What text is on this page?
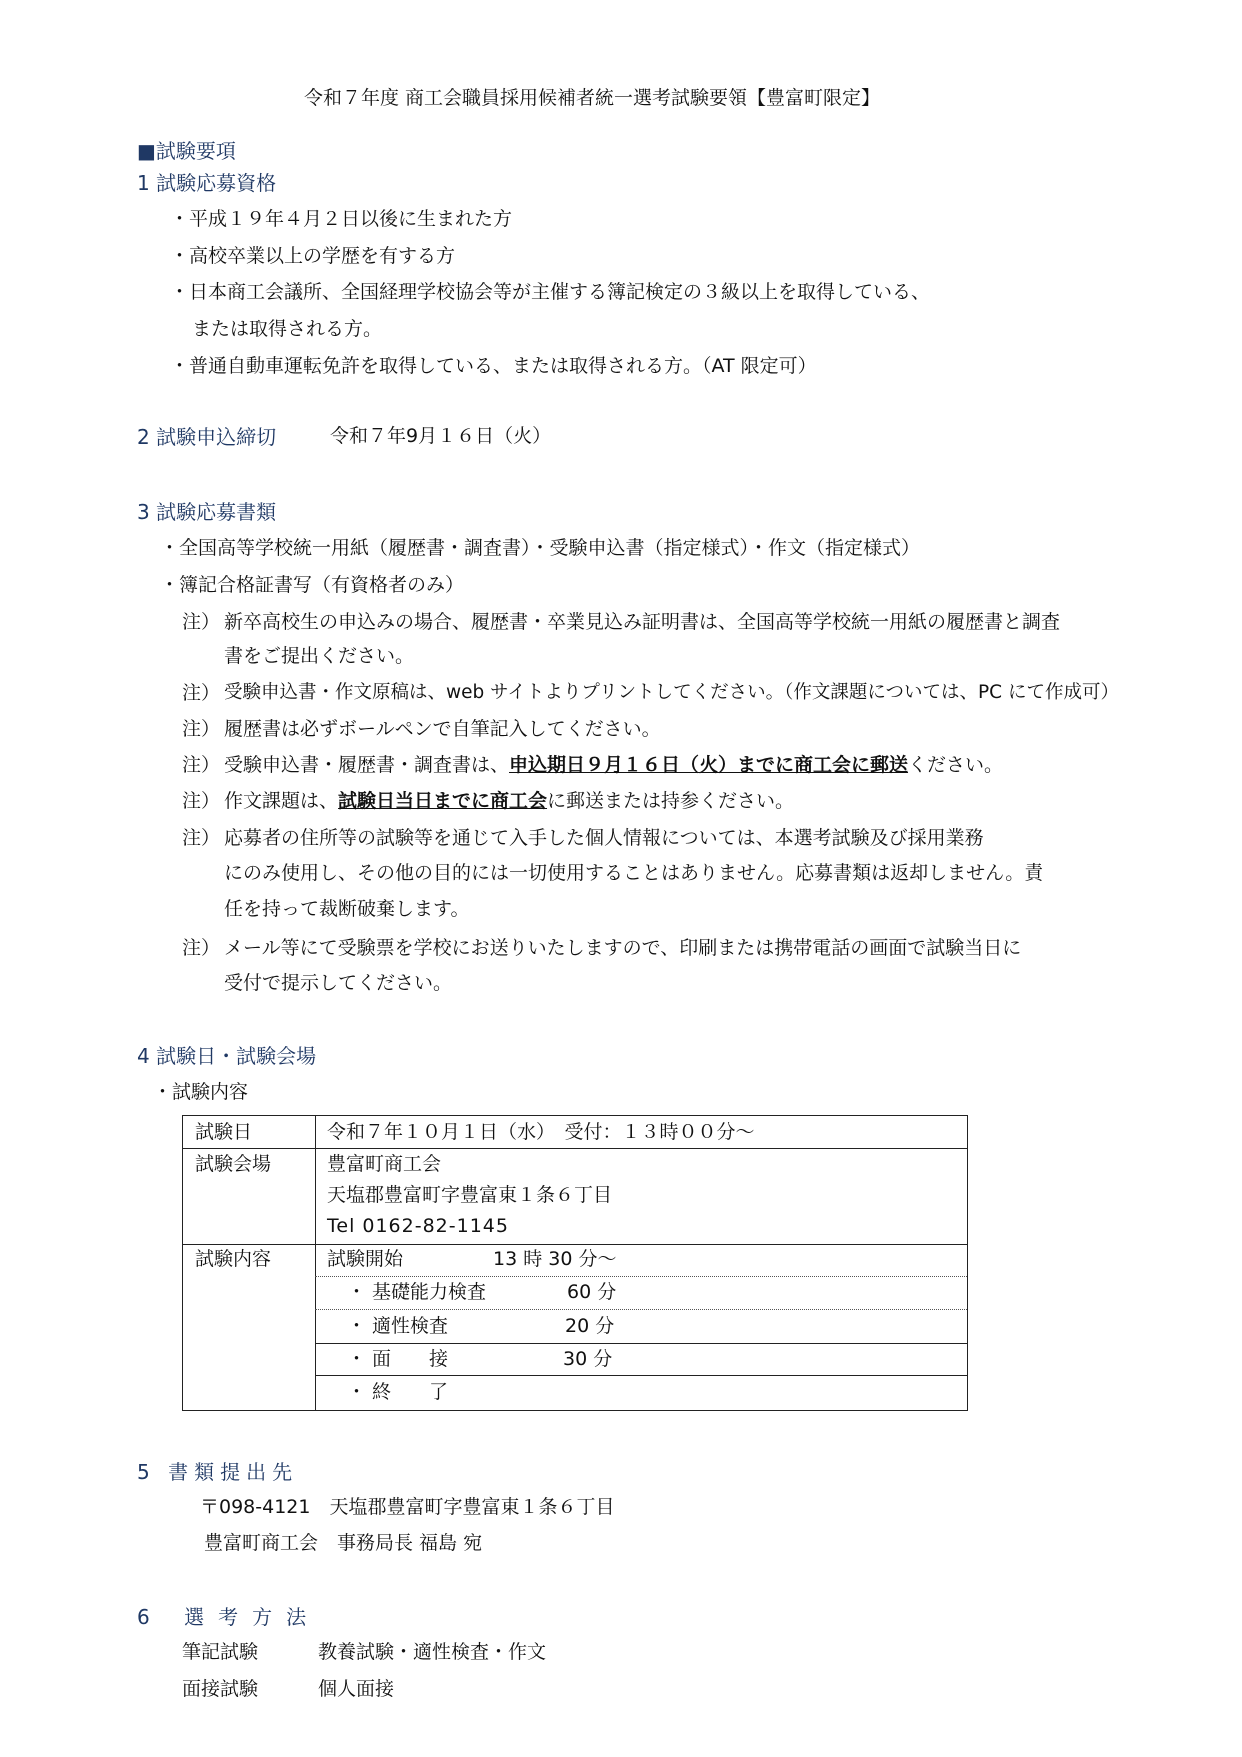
令和７年度 商工会職員採用候補者統一選考試験要領【豊富町限定】
■試験要項
1 試験応募資格
・平成１９年４月２日以後に生まれた方
・高校卒業以上の学歴を有する方
・日本商工会議所、全国経理学校協会等が主催する簿記検定の３級以上を取得している、
または取得される方。
・普通自動車運転免許を取得している、または取得される方。（AT 限定可）
2 試験申込締切	令和７年9月１６日（火）
3 試験応募書類
・全国高等学校統一用紙（履歴書・調査書）・受験申込書（指定様式）・作文（指定様式）
・簿記合格証書写（有資格者のみ）
注） 新卒高校生の申込みの場合、履歴書・卒業見込み証明書は、全国高等学校統一用紙の履歴書と調査
書をご提出ください。
注） 受験申込書・作文原稿は、web サイトよりプリントしてください。（作文課題については、PC にて作成可）
注） 履歴書は必ずボールペンで自筆記入してください。
注） 受験申込書・履歴書・調査書は、申込期日９月１６日（火）までに商工会に郵送ください。
注） 作文課題は、試験日当日までに商工会に郵送または持参ください。
注） 応募者の住所等の試験等を通じて入手した個人情報については、本選考試験及び採用業務
にのみ使用し、その他の目的には一切使用することはありません。応募書類は返却しません。責
任を持って裁断破棄します。
注） メール等にて受験票を学校にお送りいたしますので、印刷または携帯電話の画面で試験当日に
受付で提示してください。
4 試験日・試験会場
・試験内容
試験日	令和７年１０月１日（水）　受付：１３時００分～
試験会場	豊富町商工会
天塩郡豊富町字豊富東１条６丁目
Tel 0162-82-1145
試験内容	試験開始	13 時 30 分～
・ 基礎能力検査	60 分
・ 適性検査	20 分
・ 面　　接	30 分
・ 終　　了
5 書類提出先
〒098-4121　天塩郡豊富町字豊富東１条６丁目
豊富町商工会　事務局長 福島 宛
6 選考方法
筆記試験	教養試験・適性検査・作文
面接試験	個人面接
